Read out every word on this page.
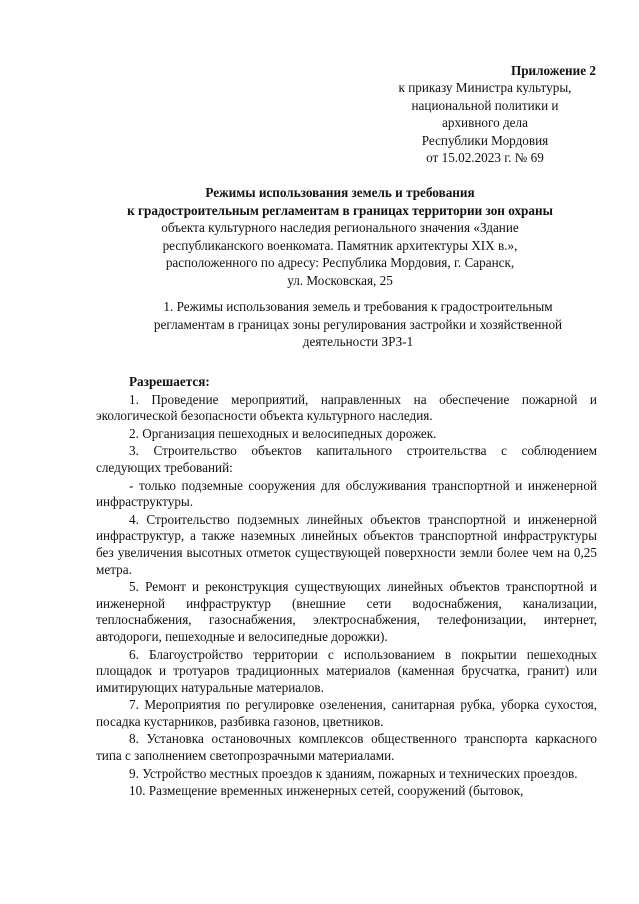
Приложение 2
к приказу Министра культуры,
национальной политики и
архивного дела
Республики Мордовия
от 15.02.2023 г. № 69
Режимы использования земель и требования
к градостроительным регламентам в границах территории зон охраны
объекта культурного наследия регионального значения «Здание
республиканского военкомата. Памятник архитектуры XIX в.»,
расположенного по адресу: Республика Мордовия, г. Саранск,
ул. Московская, 25
1. Режимы использования земель и требования к градостроительным
регламентам в границах зоны регулирования застройки и хозяйственной
деятельности ЗРЗ-1
Разрешается:

1. Проведение мероприятий, направленных на обеспечение пожарной и экологической безопасности объекта культурного наследия.

2. Организация пешеходных и велосипедных дорожек.

3. Строительство объектов капитального строительства с соблюдением следующих требований:

- только подземные сооружения для обслуживания транспортной и инженерной инфраструктуры.

4. Строительство подземных линейных объектов транспортной и инженерной инфраструктур, а также наземных линейных объектов транспортной инфраструктуры без увеличения высотных отметок существующей поверхности земли более чем на 0,25 метра.

5. Ремонт и реконструкция существующих линейных объектов транспортной и инженерной инфраструктур (внешние сети водоснабжения, канализации, теплоснабжения, газоснабжения, электроснабжения, телефонизации, интернет, автодороги, пешеходные и велосипедные дорожки).

6. Благоустройство территории с использованием в покрытии пешеходных площадок и тротуаров традиционных материалов (каменная брусчатка, гранит) или имитирующих натуральные материалов.

7. Мероприятия по регулировке озеленения, санитарная рубка, уборка сухостоя, посадка кустарников, разбивка газонов, цветников.

8. Установка остановочных комплексов общественного транспорта каркасного типа с заполнением светопрозрачными материалами.

9. Устройство местных проездов к зданиям, пожарных и технических проездов.

10. Размещение временных инженерных сетей, сооружений (бытовок,
